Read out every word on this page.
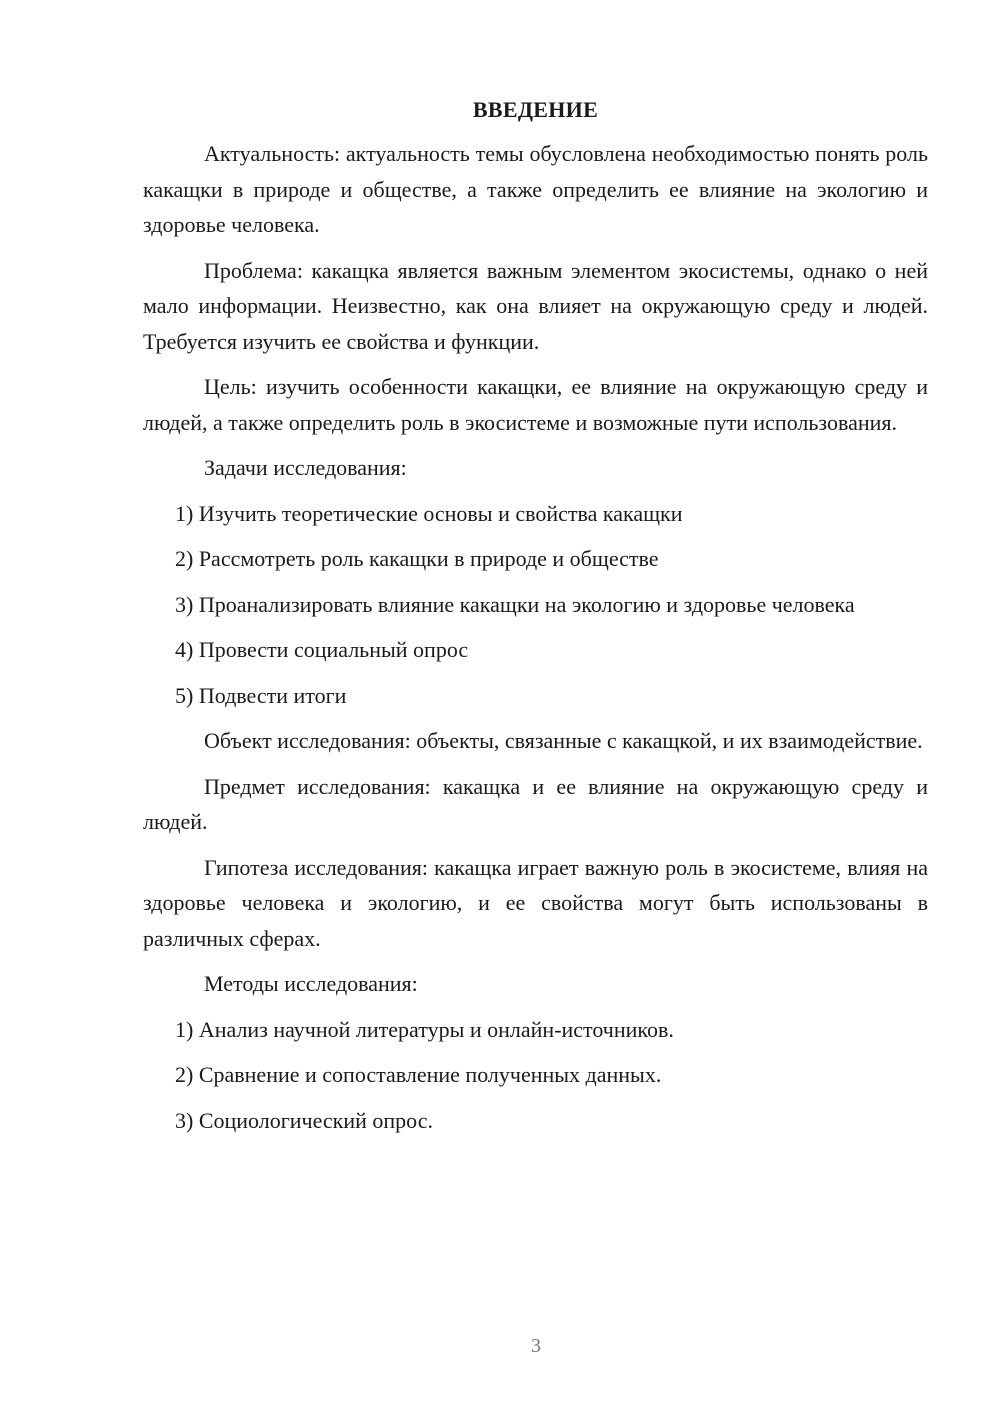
ВВЕДЕНИЕ

Актуальность: актуальность темы обусловлена необходимостью понять роль какащки в природе и обществе, а также определить ее влияние на экологию и здоровье человека.

Проблема: какащка является важным элементом экосистемы, однако о ней мало информации. Неизвестно, как она влияет на окружающую среду и людей. Требуется изучить ее свойства и функции.

Цель: изучить особенности какащки, ее влияние на окружающую среду и людей, а также определить роль в экосистеме и возможные пути использования.

Задачи исследования:

1) Изучить теоретические основы и свойства какащки

2) Рассмотреть роль какащки в природе и обществе

3) Проанализировать влияние какащки на экологию и здоровье человека

4) Провести социальный опрос

5) Подвести итоги

Объект исследования: объекты, связанные с какащкой, и их взаимодействие.

Предмет исследования: какащка и ее влияние на окружающую среду и людей.

Гипотеза исследования: какащка играет важную роль в экосистеме, влияя на здоровье человека и экологию, и ее свойства могут быть использованы в различных сферах.

Методы исследования:

1) Анализ научной литературы и онлайн-источников.

2) Сравнение и сопоставление полученных данных.

3) Социологический опрос.

3
